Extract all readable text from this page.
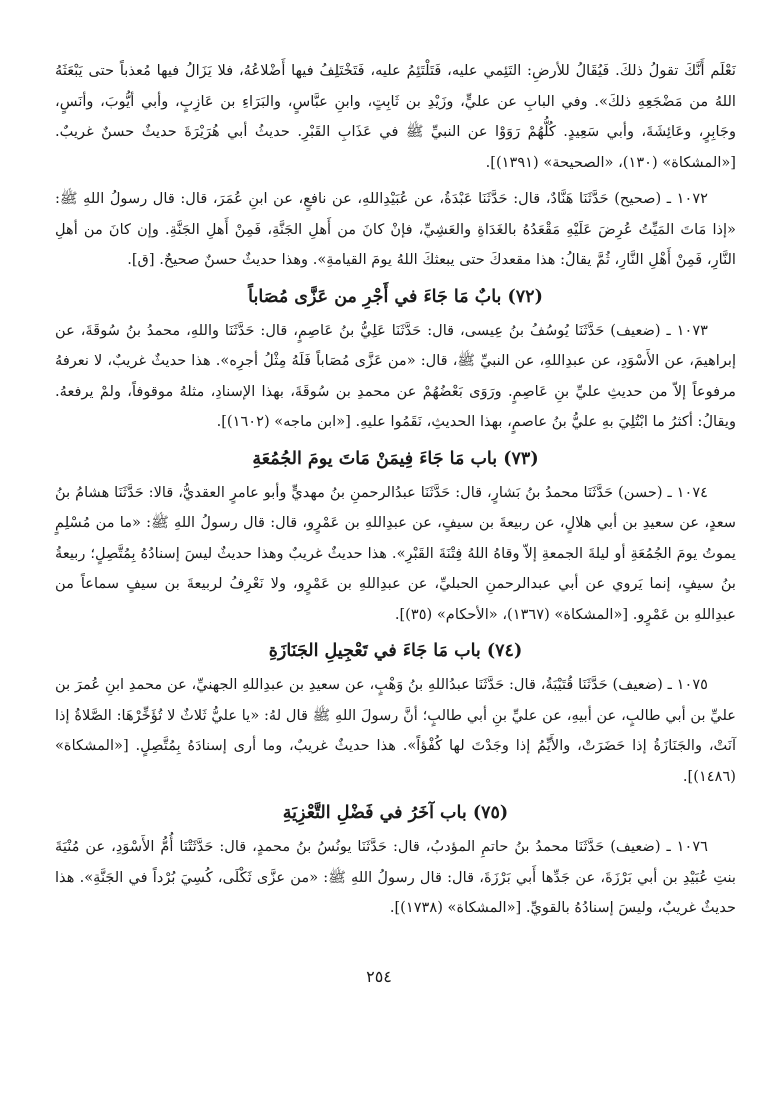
نَعْلَم أَنَّكَ تقولُ ذلكَ. فَيُقَالُ للأرضِ: التَئِمي عليه، فَتَلْتَئِمُ عليه، فَتَخْتَلِفُ فيها أَضْلاعُهُ، فلا يَزَالُ فيها مُعذباً حتى يَبْعَثَهُ اللهُ من مَضْجَعِهِ ذلكَ». وفي البابِ عن عليٍّ، وزَيْدِ بن ثَابِتٍ، وابنِ عبَّاسٍ، والبَرَاءِ بن عَازِبٍ، وأبي أيُّوبَ، وأنَسٍ، وجَابِرٍ، وعَائِشَةَ، وأبي سَعِيدٍ. كُلُّهُمْ رَوَوْا عن النبيِّ ﷺ في عَذَابِ القَبْرِ. حديثُ أبي هُرَيْرَةَ حديثٌ حسنٌ غريبٌ. [«المشكاة» (١٣٠)، «الصحيحة» (١٣٩١)].

١٠٧٢ ـ (صحيح) حَدَّثَنَا هَنَّادٌ، قال: حَدَّثَنَا عَبْدَةُ، عن عُبَيْدِاللهِ، عن نافعٍ، عن ابنِ عُمَرَ، قال: قال رسولُ اللهِ ﷺ: «إذا مَاتَ المَيِّتُ عُرِضَ عَلَيْهِ مَقْعَدُهُ بالغَدَاةِ والعَشِيِّ، فإنْ كانَ من أَهلِ الجَنَّةِ، فَمِنْ أَهلِ الجَنَّةِ. وإن كانَ من أهلِ النَّارِ، فَمِنْ أَهْلِ النَّارِ، ثُمَّ يقالُ: هذا مقعدكَ حتى يبعثكَ اللهُ يومَ القيامةِ». وهذا حديثٌ حسنٌ صحيحٌ. [ق].

(٧٢) بابٌ مَا جَاءَ في أَجْرِ من عَزَّى مُصَاباً

١٠٧٣ ـ (ضعيف) حَدَّثَنَا يُوسُفُ بنُ عِيسى، قال: حَدَّثَنَا عَلِيُّ بنُ عَاصِمٍ، قال: حَدَّثَنَا واللهِ، محمدُ بنُ سُوقَةَ، عن إبراهيمَ، عن الأَسْوَدِ، عن عبدِاللهِ، عن النبيِّ ﷺ، قال: «من عَزَّى مُصَاباً فَلَهُ مِثْلُ أجرِه». هذا حديثٌ غريبٌ، لا نعرفهُ مرفوعاً إلاّ من حديثِ عليِّ بنِ عَاصِمٍ. ورَوَى بَعْضُهُمْ عن محمدِ بن سُوقَةَ، بهذا الإسنادِ، مثلهُ موقوفاً، ولمْ يرفعهُ. ويقالُ: أكثرُ ما ابْتُلِيَ بهِ عليُّ بنُ عاصمٍ، بهذا الحديثِ، نَقَمُوا عليهِ. [«ابن ماجه» (١٦٠٢)].

(٧٣) باب مَا جَاءَ فِيمَنْ مَاتَ يومَ الجُمُعَةِ

١٠٧٤ ـ (حسن) حَدَّثَنَا محمدُ بنُ بَشارٍ، قال: حَدَّثَنَا عبدُالرحمنِ بنُ مهديٍّ وأبو عامرٍ العقديُّ، قالا: حَدَّثَنَا هشامُ بنُ سعدٍ، عن سعيدِ بن أبي هلالٍ، عن ربيعةَ بن سيفٍ، عن عبدِاللهِ بن عَمْرٍو، قال: قال رسولُ اللهِ ﷺ: «ما من مُسْلِمٍ يموتُ يومَ الجُمُعَةِ أو ليلةَ الجمعةِ إلاّ وقاهُ اللهُ فِتْنَةَ القَبْرِ». هذا حديثٌ غريبٌ وهذا حديثٌ ليسَ إسنادُهُ بِمُتَّصِلٍ؛ ربيعةُ بنُ سيفٍ، إنما يَروي عن أبي عبدالرحمنِ الحبليِّ، عن عبدِاللهِ بن عَمْرٍو، ولا نَعْرِفُ لربيعةَ بن سيفٍ سماعاً من عبدِاللهِ بن عَمْرٍو. [«المشكاة» (١٣٦٧)، «الأحكام» (٣٥)].

(٧٤) باب مَا جَاءَ في تَعْجِيلِ الجَنَازَةِ

١٠٧٥ ـ (ضعيف) حَدَّثَنَا قُتَيْبَةُ، قال: حَدَّثَنَا عبدُاللهِ بنُ وَهْبٍ، عن سعيدِ بن عبدِاللهِ الجهنيِّ، عن محمدِ ابنِ عُمرَ بن عليِّ بن أبي طالبٍ، عن أبيهِ، عن عليِّ بنِ أبي طالبٍ؛ أنَّ رسولَ اللهِ ﷺ قال لهُ: «يا عليُّ ثَلاثٌ لا تُؤَخِّرْهَا: الصَّلاةُ إذا آنَتْ، والجَنَازَةُ إذا حَضَرَتْ، والأَيِّمُ إذا وجَدْتَ لها كُفْؤاً». هذا حديثٌ غريبٌ، وما أرى إسنادَهُ بِمُتَّصِلٍ. [«المشكاة» (١٤٨٦)].

(٧٥) باب آخَرُ في فَضْلِ التَّعْزِيَةِ

١٠٧٦ ـ (ضعيف) حَدَّثَنَا محمدُ بنُ حاتمِ المؤدبُ، قال: حَدَّثَنَا يونُسُ بنُ محمدٍ، قال: حَدَّثَتْنَا أُمُّ الأَسْوَدِ، عن مُنْيَةَ بنتِ عُبَيْدِ بن أبي بَرْزَةَ، عن جَدِّها أَبي بَرْزَةَ، قال: قال رسولُ اللهِ ﷺ: «من عزَّى ثَكْلَى، كُسِيَ بُرْداً في الجَنَّةِ». هذا حديثٌ غريبٌ، وليسَ إسنادُهُ بالقويِّ. [«المشكاة» (١٧٣٨)].

٢٥٤
